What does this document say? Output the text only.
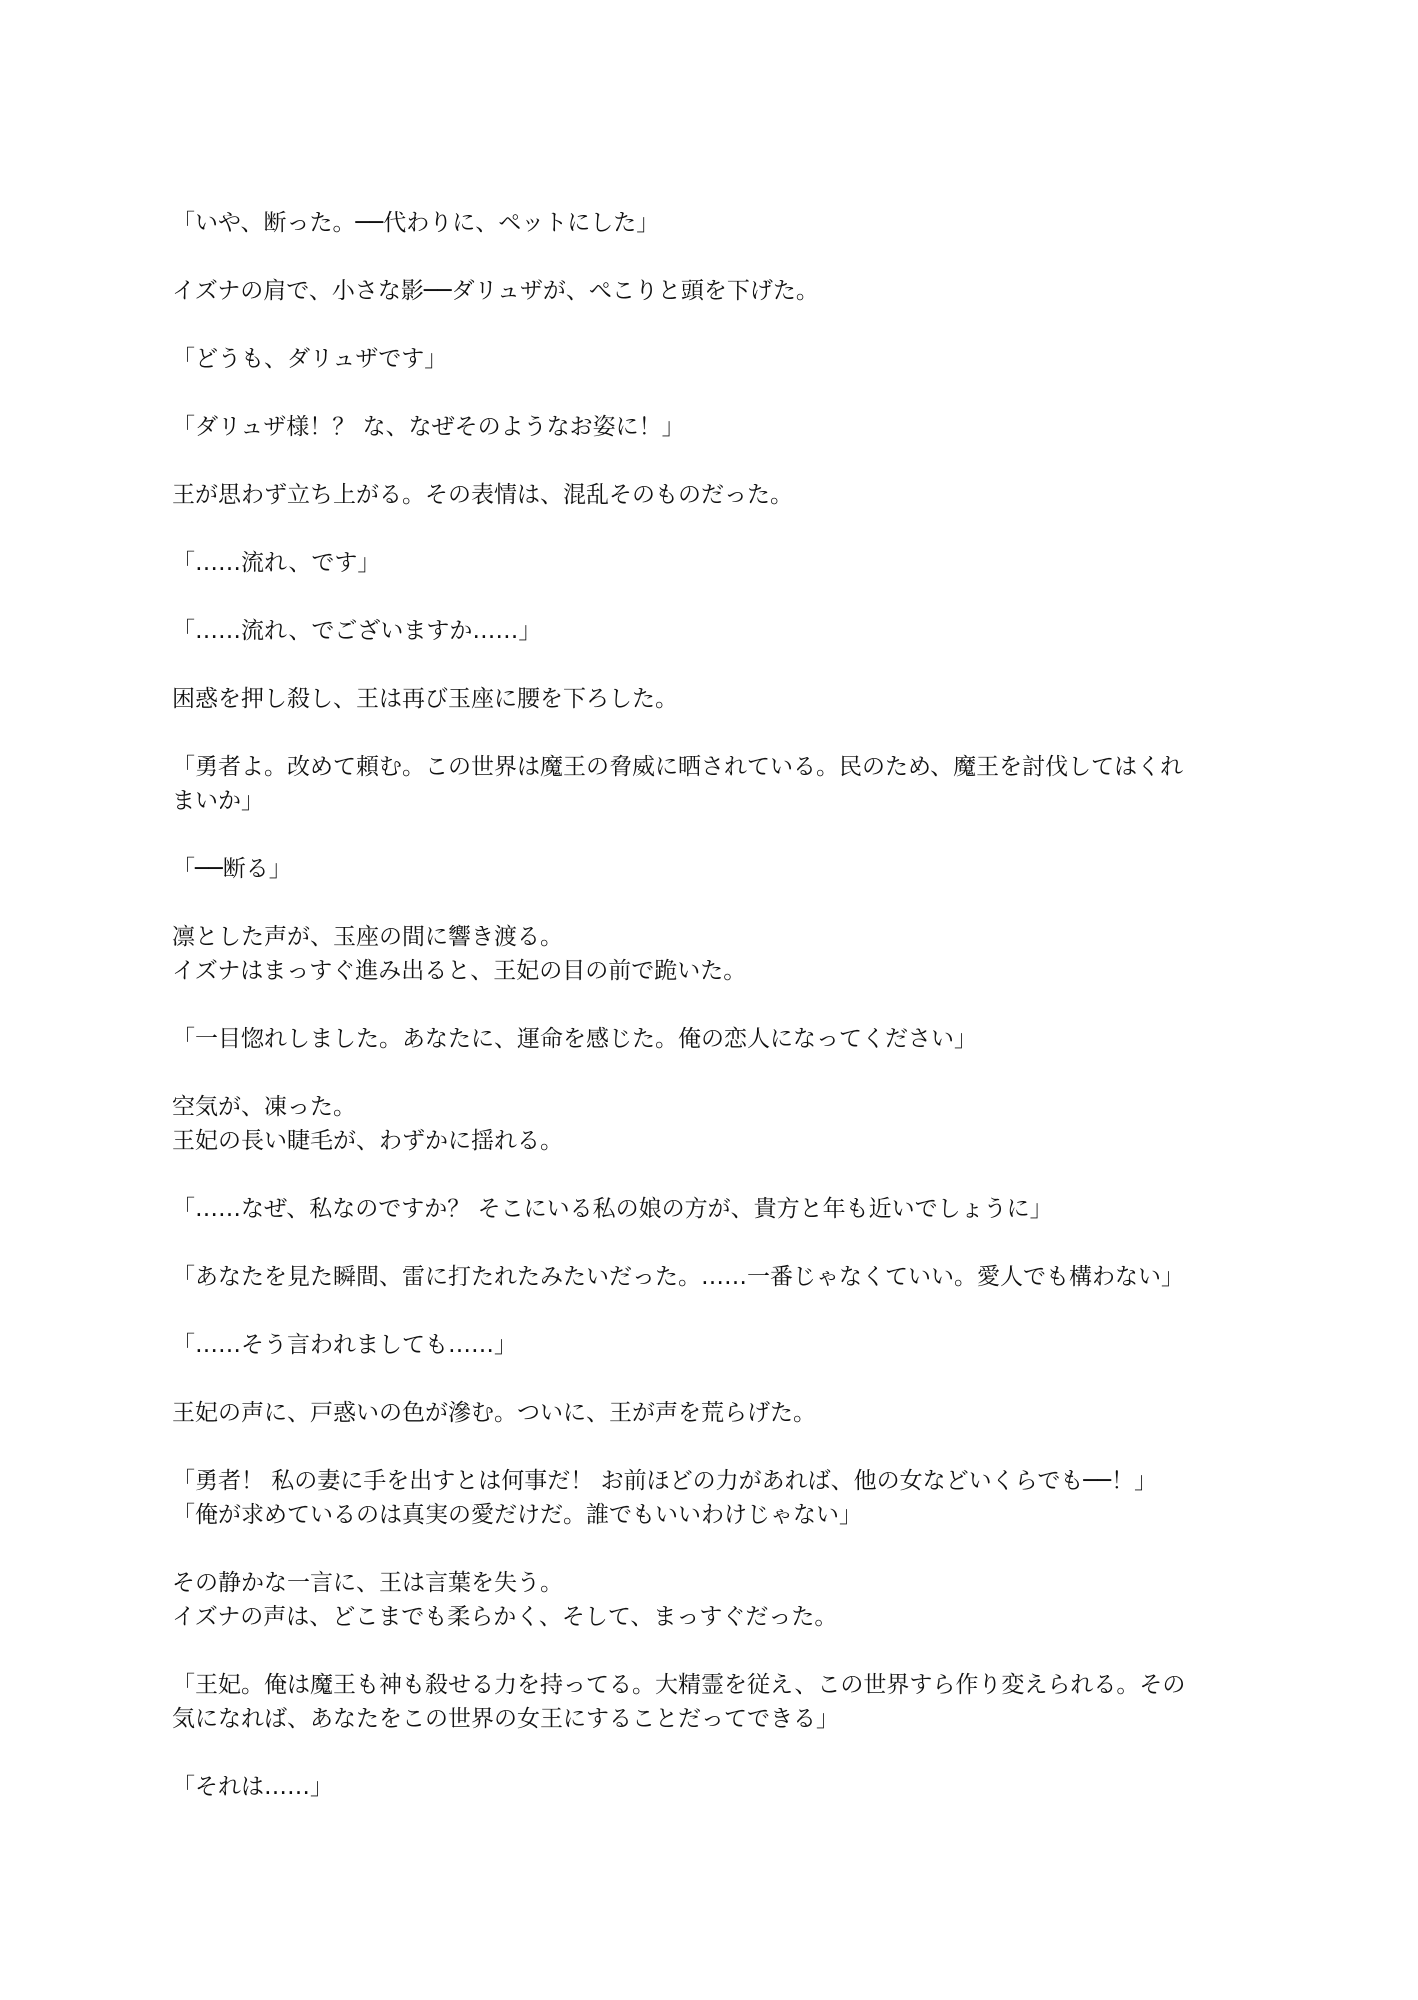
「いや、断った。──代わりに、ペットにした」

イズナの肩で、小さな影──ダリュザが、ぺこりと頭を下げた。

「どうも、ダリュザです」

「ダリュザ様！？ な、なぜそのようなお姿に！」

王が思わず立ち上がる。その表情は、混乱そのものだった。

「……流れ、です」

「……流れ、でございますか……」

困惑を押し殺し、王は再び玉座に腰を下ろした。

「勇者よ。改めて頼む。この世界は魔王の脅威に晒されている。民のため、魔王を討伐してはくれ
まいか」

「──断る」

凛とした声が、玉座の間に響き渡る。
イズナはまっすぐ進み出ると、王妃の目の前で跪いた。

「一目惚れしました。あなたに、運命を感じた。俺の恋人になってください」

空気が、凍った。
王妃の長い睫毛が、わずかに揺れる。

「……なぜ、私なのですか？ そこにいる私の娘の方が、貴方と年も近いでしょうに」

「あなたを見た瞬間、雷に打たれたみたいだった。……一番じゃなくていい。愛人でも構わない」

「……そう言われましても……」

王妃の声に、戸惑いの色が滲む。ついに、王が声を荒らげた。

「勇者！ 私の妻に手を出すとは何事だ！ お前ほどの力があれば、他の女などいくらでも──！」
「俺が求めているのは真実の愛だけだ。誰でもいいわけじゃない」

その静かな一言に、王は言葉を失う。
イズナの声は、どこまでも柔らかく、そして、まっすぐだった。

「王妃。俺は魔王も神も殺せる力を持ってる。大精霊を従え、この世界すら作り変えられる。その
気になれば、あなたをこの世界の女王にすることだってできる」

「それは……」
